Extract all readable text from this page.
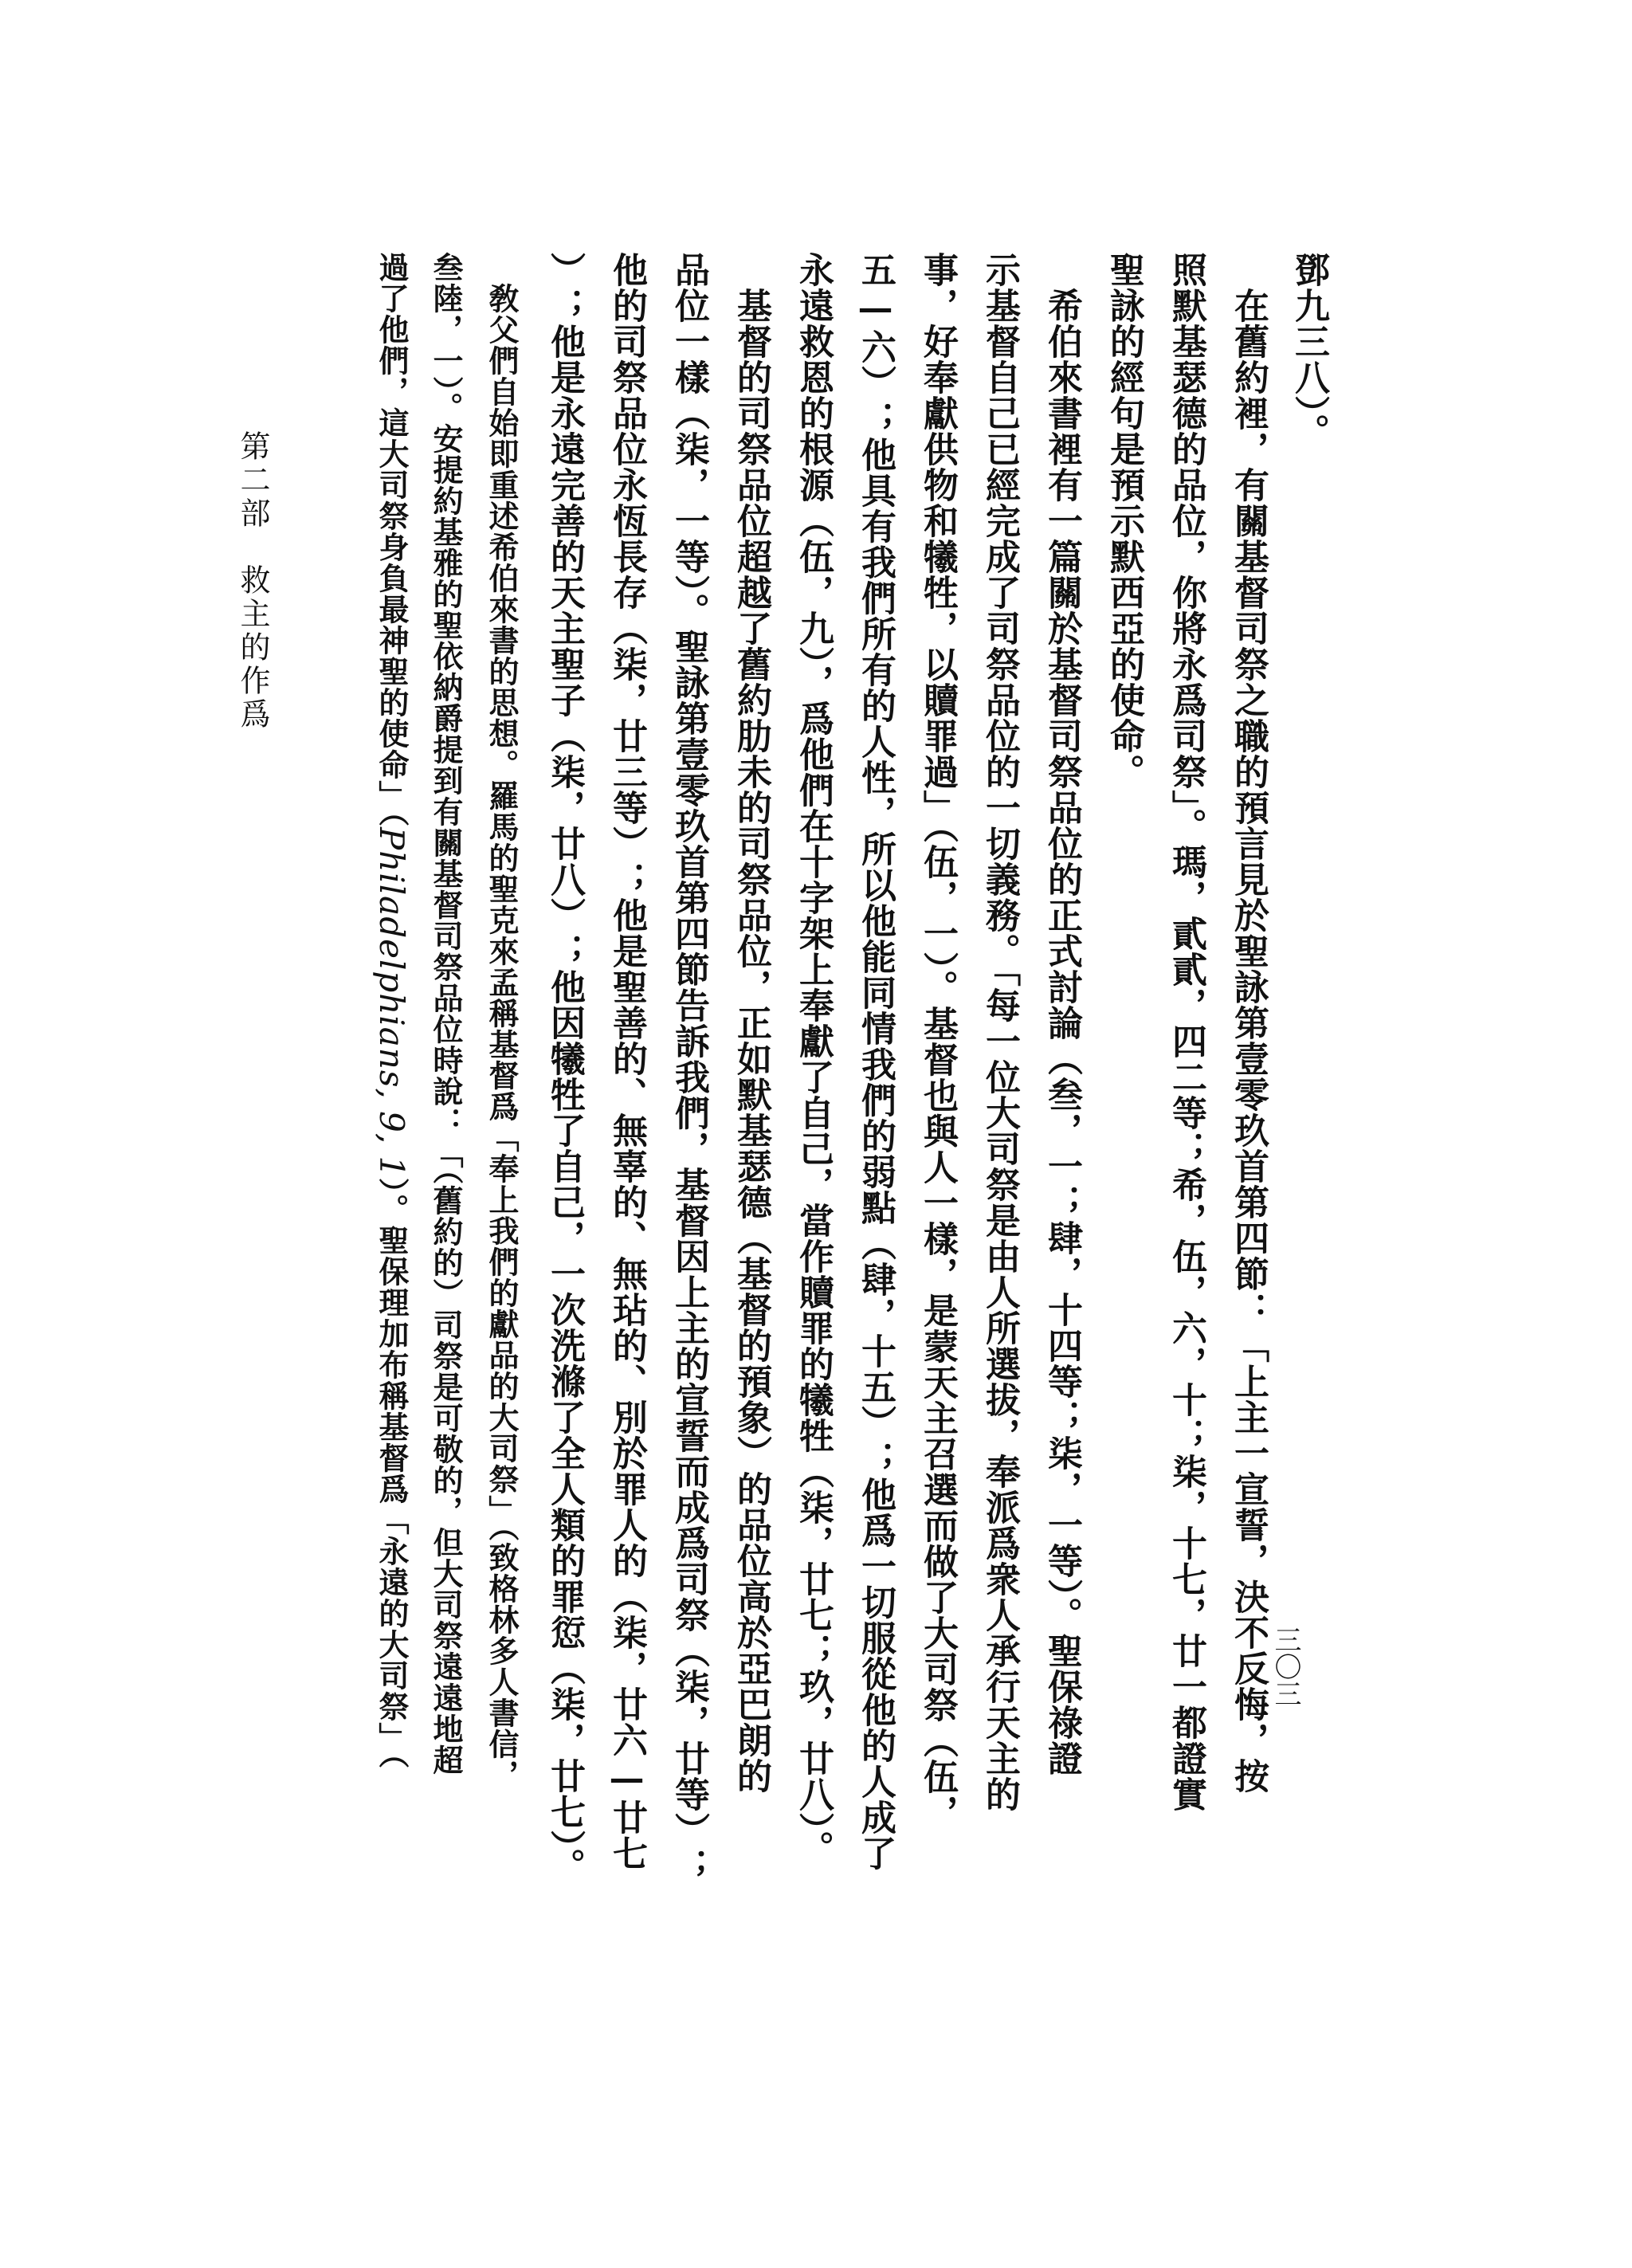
三〇三
鄧九三八）。
　在舊約裡，有關基督司祭之職的預言見於聖詠第壹零玖首第四節：「上主一宣誓，決不反悔，按
照默基瑟德的品位，你將永爲司祭」。瑪，貳貳，四二等；希，伍，六，十；柒，十七，廿一都證實
聖詠的經句是預示默西亞的使命。
　希伯來書裡有一篇關於基督司祭品位的正式討論（叁，一；肆，十四等；柒，一等）。聖保祿證
示基督自己已經完成了司祭品位的一切義務。「每一位大司祭是由人所選拔，奉派爲衆人承行天主的
事，好奉獻供物和犧牲，以贖罪過」（伍，一）。基督也與人一樣，是蒙天主召選而做了大司祭（伍，
五—六）；他具有我們所有的人性，所以他能同情我們的弱點（肆，十五）；他爲一切服從他的人成了
永遠救恩的根源（伍，九），爲他們在十字架上奉獻了自己，當作贖罪的犧牲（柒，廿七；玖，廿八）。
　基督的司祭品位超越了舊約肋未的司祭品位，正如默基瑟德（基督的預象）的品位高於亞巴朗的
品位一樣（柒，一等）。聖詠第壹零玖首第四節告訴我們，基督因上主的宣誓而成爲司祭（柒，廿等）；
他的司祭品位永恆長存（柒，廿三等）；他是聖善的、無辜的、無玷的、別於罪人的（柒，廿六—廿七
）；他是永遠完善的天主聖子（柒，廿八）；他因犧牲了自己，一次洗滌了全人類的罪愆（柒，廿七）。
　敎父們自始即重述希伯來書的思想。羅馬的聖克來孟稱基督爲「奉上我們的獻品的大司祭」（致格林多人書信，
叁陸，一）。安提約基雅的聖依納爵提到有關基督司祭品位時說：「（舊約的）司祭是可敬的，但大司祭遠遠地超
過了他們，這大司祭身負最神聖的使命」（Philadelphians, 9, 1）。聖保理加布稱基督爲「永遠的大司祭」（
第二部　救主的作爲
